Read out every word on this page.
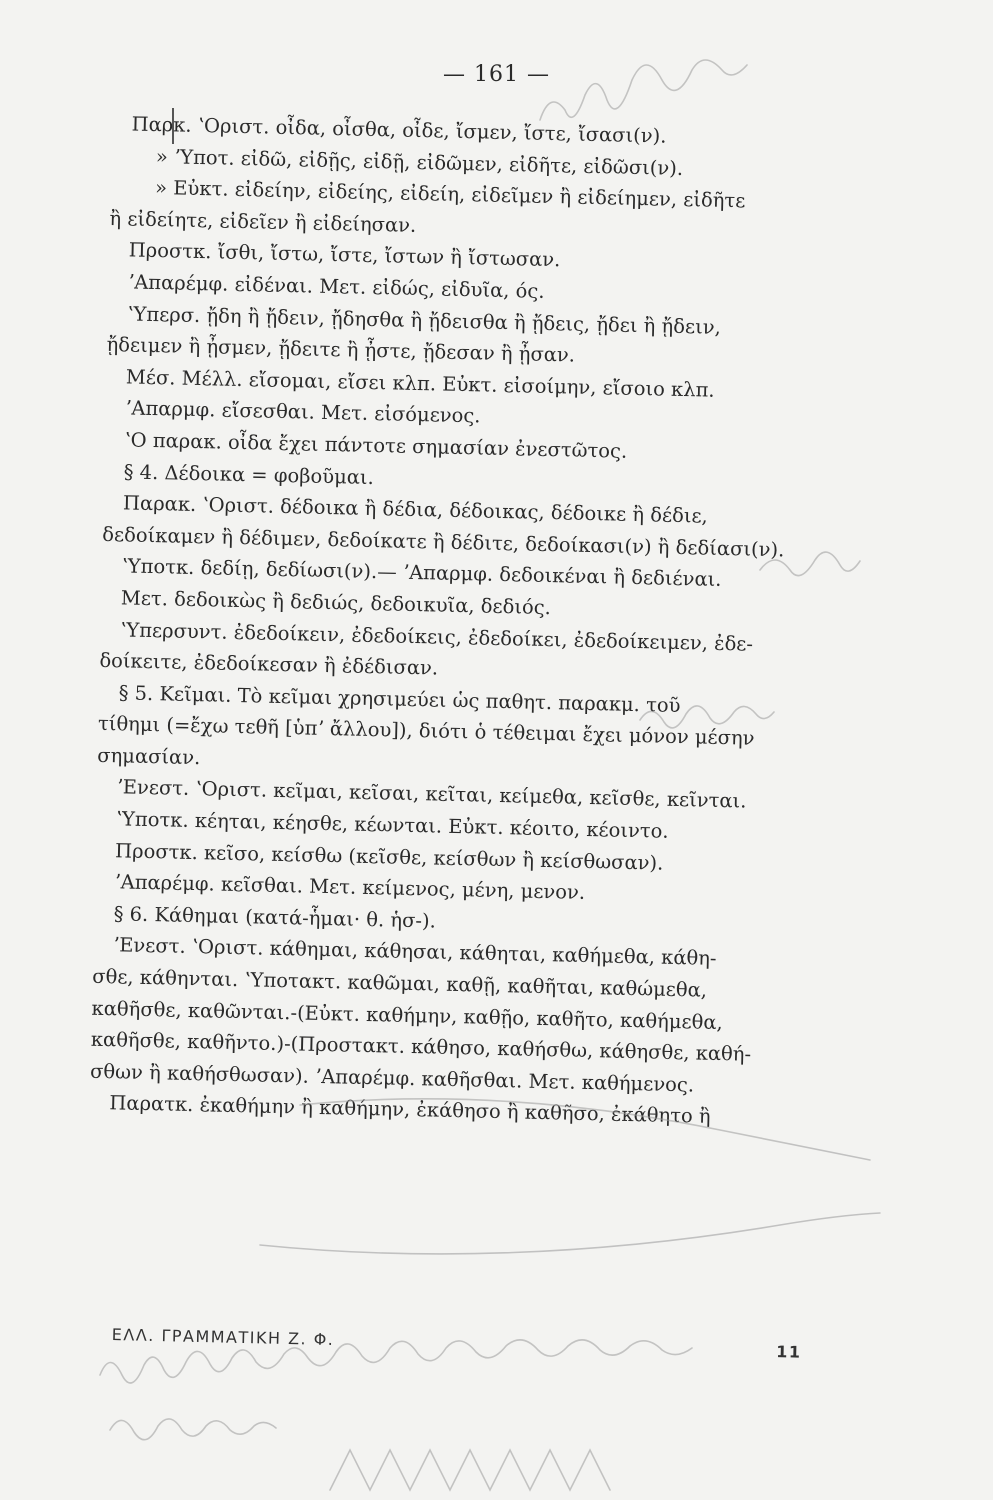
— 161 —
Παρκ. ʽΟριστ. οἶδα, οἶσθα, οἶδε, ἴσμεν, ἴστε, ἴσασι(ν).
» ʼΥποτ. εἰδῶ, εἰδῇς, εἰδῇ, εἰδῶμεν, εἰδῆτε, εἰδῶσι(ν).
» Εὐκτ. εἰδείην, εἰδείης, εἰδείη, εἰδεῖμεν ἢ εἰδείημεν, εἰδῆτε
ἢ εἰδείητε, εἰδεῖεν ἢ εἰδείησαν.
Προστκ. ἴσθι, ἴστω, ἴστε, ἴστων ἢ ἴστωσαν.
ʼΑπαρέμφ. εἰδέναι. Μετ. εἰδώς, εἰδυῖα, ός.
ʽΥπερσ. ᾔδη ἢ ᾔδειν, ᾔδησθα ἢ ᾔδεισθα ἢ ᾔδεις, ᾔδει ἢ ᾔδειν,
ᾔδειμεν ἢ ᾖσμεν, ᾔδειτε ἢ ᾖστε, ᾔδεσαν ἢ ᾖσαν.
Μέσ. Μέλλ. εἴσομαι, εἴσει κλπ. Εὐκτ. εἰσοίμην, εἴσοιο κλπ.
ʼΑπαρμφ. εἴσεσθαι. Μετ. εἰσόμενος.
ʽΟ παρακ. οἶδα ἔχει πάντοτε σημασίαν ἐνεστῶτος.
§ 4. Δέδοικα = φοβοῦμαι.
Παρακ. ʽΟριστ. δέδοικα ἢ δέδια, δέδοικας, δέδοικε ἢ δέδιε,
δεδοίκαμεν ἢ δέδιμεν, δεδοίκατε ἢ δέδιτε, δεδοίκασι(ν) ἢ δεδίασι(ν).
ʽΥποτκ. δεδίῃ, δεδίωσι(ν).— ʼΑπαρμφ. δεδοικέναι ἢ δεδιέναι.
Μετ. δεδοικὼς ἢ δεδιώς, δεδοικυῖα, δεδιός.
ʽΥπερσυντ. ἐδεδοίκειν, ἐδεδοίκεις, ἐδεδοίκει, ἐδεδοίκειμεν, ἐδε-
δοίκειτε, ἐδεδοίκεσαν ἢ ἐδέδισαν.
§ 5. Κεῖμαι. Τὸ κεῖμαι χρησιμεύει ὡς παθητ. παρακμ. τοῦ
τίθημι (=ἔχω τεθῆ [ὑπʼ ἄλλου]), διότι ὁ τέθειμαι ἔχει μόνον μέσην
σημασίαν.
ʼΕνεστ. ʽΟριστ. κεῖμαι, κεῖσαι, κεῖται, κείμεθα, κεῖσθε, κεῖνται.
ʽΥποτκ. κέηται, κέησθε, κέωνται. Εὐκτ. κέοιτο, κέοιντο.
Προστκ. κεῖσο, κείσθω (κεῖσθε, κείσθων ἢ κείσθωσαν).
ʼΑπαρέμφ. κεῖσθαι. Μετ. κείμενος, μένη, μενον.
§ 6. Κάθημαι (κατά-ἧμαι· θ. ἡσ-).
ʼΕνεστ. ʽΟριστ. κάθημαι, κάθησαι, κάθηται, καθήμεθα, κάθη-
σθε, κάθηνται. ʽΥποτακτ. καθῶμαι, καθῇ, καθῆται, καθώμεθα,
καθῆσθε, καθῶνται.-(Εὐκτ. καθήμην, καθῇο, καθῆτο, καθήμεθα,
καθῆσθε, καθῆντο.)-(Προστακτ. κάθησο, καθήσθω, κάθησθε, καθή-
σθων ἢ καθήσθωσαν). ʼΑπαρέμφ. καθῆσθαι. Μετ. καθήμενος.
Παρατκ. ἐκαθήμην ἢ καθήμην, ἐκάθησο ἢ καθῆσο, ἐκάθητο ἢ
ΕΛΛ. ΓΡΑΜΜΑΤΙΚΗ Ζ. Φ.
11
